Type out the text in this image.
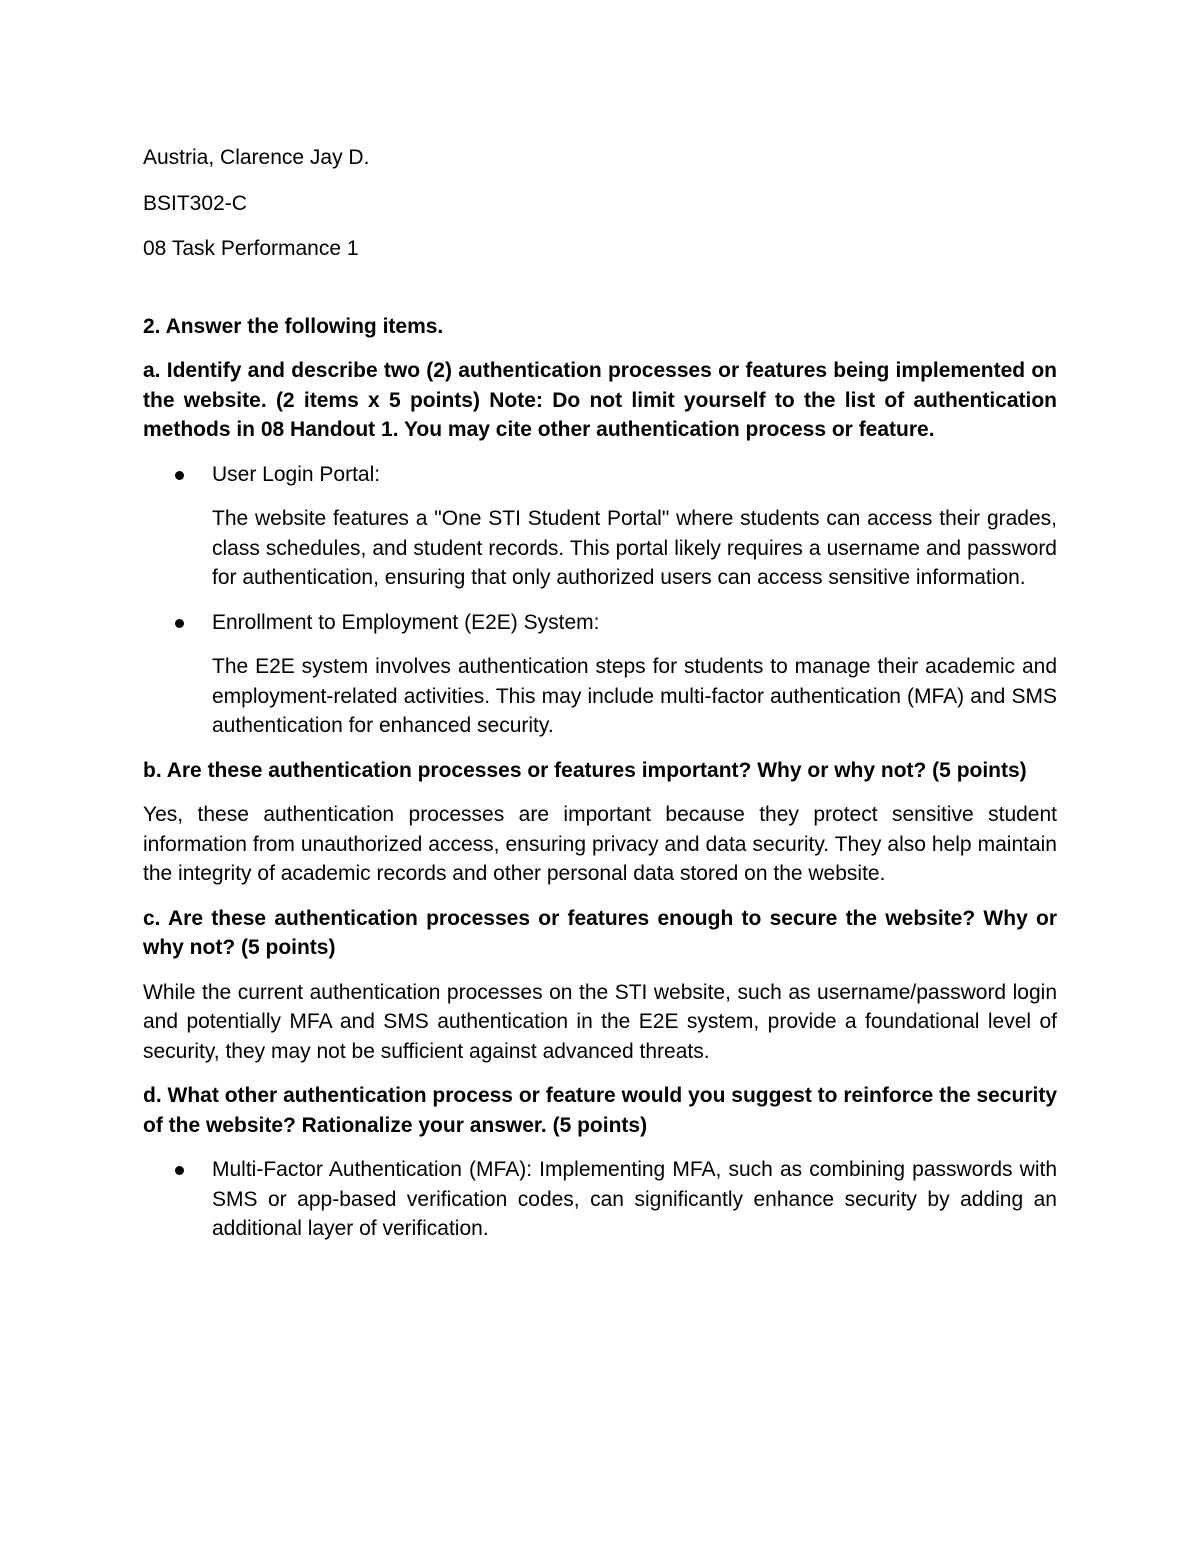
Austria, Clarence Jay D.

BSIT302-C

08 Task Performance 1

2. Answer the following items.

a. Identify and describe two (2) authentication processes or features being implemented on the website. (2 items x 5 points) Note: Do not limit yourself to the list of authentication methods in 08 Handout 1. You may cite other authentication process or feature.

User Login Portal:

The website features a "One STI Student Portal" where students can access their grades, class schedules, and student records. This portal likely requires a username and password for authentication, ensuring that only authorized users can access sensitive information.

Enrollment to Employment (E2E) System:

The E2E system involves authentication steps for students to manage their academic and employment-related activities. This may include multi-factor authentication (MFA) and SMS authentication for enhanced security.

b. Are these authentication processes or features important? Why or why not? (5 points)

Yes, these authentication processes are important because they protect sensitive student information from unauthorized access, ensuring privacy and data security. They also help maintain the integrity of academic records and other personal data stored on the website.

c. Are these authentication processes or features enough to secure the website? Why or why not? (5 points)

While the current authentication processes on the STI website, such as username/password login and potentially MFA and SMS authentication in the E2E system, provide a foundational level of security, they may not be sufficient against advanced threats.

d. What other authentication process or feature would you suggest to reinforce the security of the website? Rationalize your answer. (5 points)

Multi-Factor Authentication (MFA): Implementing MFA, such as combining passwords with SMS or app-based verification codes, can significantly enhance security by adding an additional layer of verification.
